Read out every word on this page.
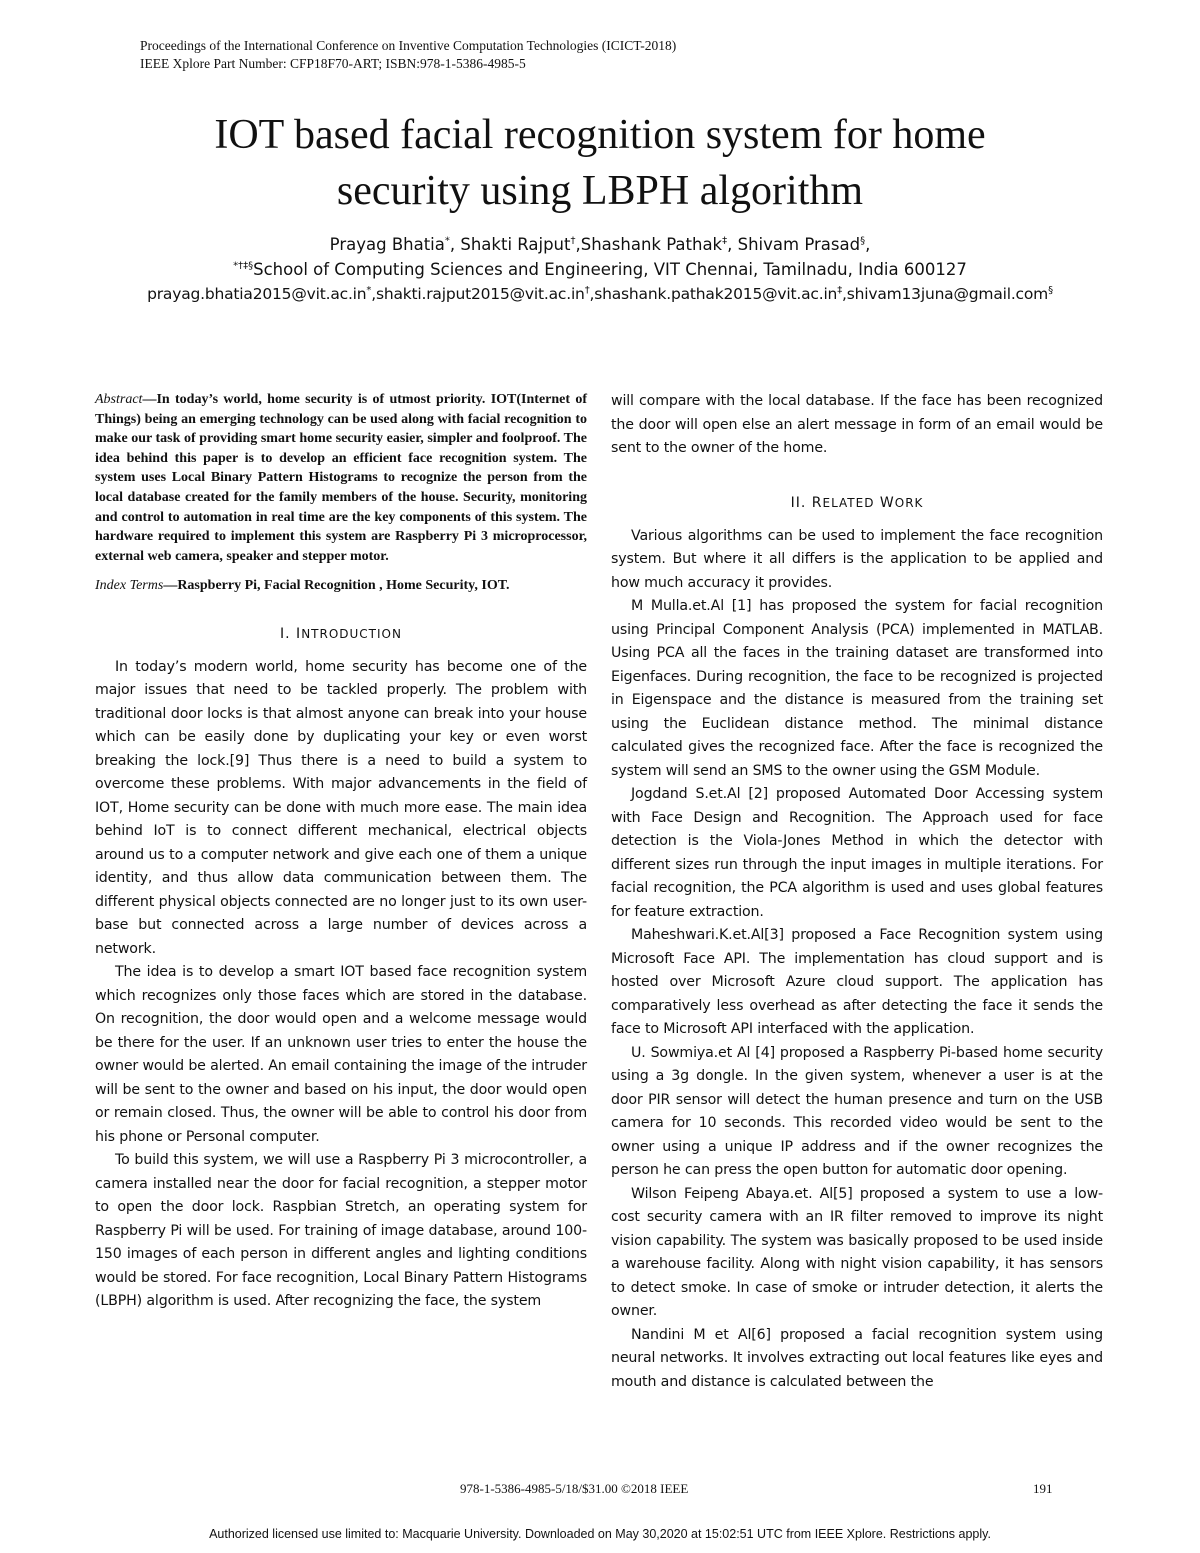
Proceedings of the International Conference on Inventive Computation Technologies (ICICT-2018)
IEEE Xplore Part Number: CFP18F70-ART; ISBN:978-1-5386-4985-5
IOT based facial recognition system for home
security using LBPH algorithm
Prayag Bhatia*, Shakti Rajput†,Shashank Pathak‡, Shivam Prasad§,
*†‡§School of Computing Sciences and Engineering, VIT Chennai, Tamilnadu, India 600127
prayag.bhatia2015@vit.ac.in*,shakti.rajput2015@vit.ac.in†,shashank.pathak2015@vit.ac.in‡,shivam13juna@gmail.com§
Abstract—In today’s world, home security is of utmost priority. IOT(Internet of Things) being an emerging technology can be used along with facial recognition to make our task of providing smart home security easier, simpler and foolproof. The idea behind this paper is to develop an efficient face recognition system. The system uses Local Binary Pattern Histograms to recognize the person from the local database created for the family members of the house. Security, monitoring and control to automation in real time are the key components of this system. The hardware required to implement this system are Raspberry Pi 3 microprocessor, external web camera, speaker and stepper motor.
Index Terms—Raspberry Pi, Facial Recognition , Home Security, IOT.
I. INTRODUCTION

In today’s modern world, home security has become one of the major issues that need to be tackled properly. The problem with traditional door locks is that almost anyone can break into your house which can be easily done by duplicating your key or even worst breaking the lock.[9] Thus there is a need to build a system to overcome these problems. With major advancements in the field of IOT, Home security can be done with much more ease. The main idea behind IoT is to connect different mechanical, electrical objects around us to a computer network and give each one of them a unique identity, and thus allow data communication between them. The different physical objects connected are no longer just to its own user-base but connected across a large number of devices across a network.

The idea is to develop a smart IOT based face recognition system which recognizes only those faces which are stored in the database. On recognition, the door would open and a welcome message would be there for the user. If an unknown user tries to enter the house the owner would be alerted. An email containing the image of the intruder will be sent to the owner and based on his input, the door would open or remain closed. Thus, the owner will be able to control his door from his phone or Personal computer.

To build this system, we will use a Raspberry Pi 3 microcontroller, a camera installed near the door for facial recognition, a stepper motor to open the door lock. Raspbian Stretch, an operating system for Raspberry Pi will be used. For training of image database, around 100-150 images of each person in different angles and lighting conditions would be stored. For face recognition, Local Binary Pattern Histograms (LBPH) algorithm is used. After recognizing the face, the system

will compare with the local database. If the face has been recognized the door will open else an alert message in form of an email would be sent to the owner of the home.

II. RELATED WORK

Various algorithms can be used to implement the face recognition system. But where it all differs is the application to be applied and how much accuracy it provides.

M Mulla.et.Al [1] has proposed the system for facial recognition using Principal Component Analysis (PCA) implemented in MATLAB. Using PCA all the faces in the training dataset are transformed into Eigenfaces. During recognition, the face to be recognized is projected in Eigenspace and the distance is measured from the training set using the Euclidean distance method. The minimal distance calculated gives the recognized face. After the face is recognized the system will send an SMS to the owner using the GSM Module.

Jogdand S.et.Al [2] proposed Automated Door Accessing system with Face Design and Recognition. The Approach used for face detection is the Viola-Jones Method in which the detector with different sizes run through the input images in multiple iterations. For facial recognition, the PCA algorithm is used and uses global features for feature extraction.

Maheshwari.K.et.Al[3] proposed a Face Recognition system using Microsoft Face API. The implementation has cloud support and is hosted over Microsoft Azure cloud support. The application has comparatively less overhead as after detecting the face it sends the face to Microsoft API interfaced with the application.

U. Sowmiya.et Al [4] proposed a Raspberry Pi-based home security using a 3g dongle. In the given system, whenever a user is at the door PIR sensor will detect the human presence and turn on the USB camera for 10 seconds. This recorded video would be sent to the owner using a unique IP address and if the owner recognizes the person he can press the open button for automatic door opening.

Wilson Feipeng Abaya.et. Al[5] proposed a system to use a low-cost security camera with an IR filter removed to improve its night vision capability. The system was basically proposed to be used inside a warehouse facility. Along with night vision capability, it has sensors to detect smoke. In case of smoke or intruder detection, it alerts the owner.

Nandini M et Al[6] proposed a facial recognition system using neural networks. It involves extracting out local features like eyes and mouth and distance is calculated between the

978-1-5386-4985-5/18/$31.00 ©2018 IEEE	191
Authorized licensed use limited to: Macquarie University. Downloaded on May 30,2020 at 15:02:51 UTC from IEEE Xplore. Restrictions apply.
